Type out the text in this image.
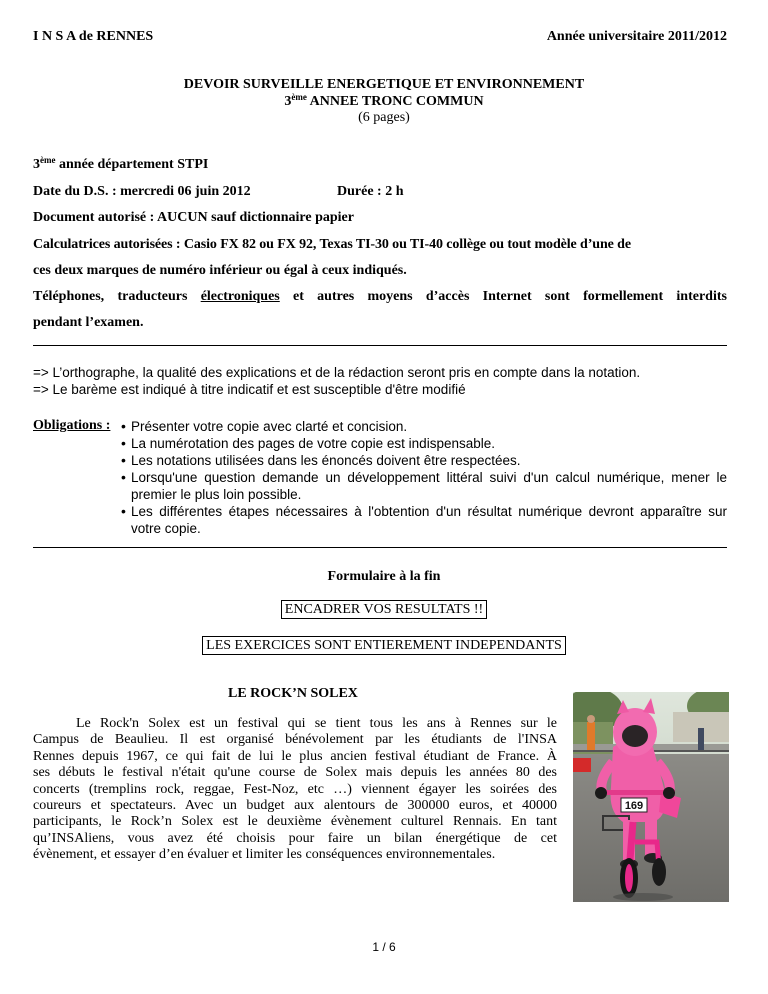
I N S A de RENNES	Année universitaire 2011/2012
DEVOIR SURVEILLE ENERGETIQUE ET ENVIRONNEMENT
3ème ANNEE TRONC COMMUN
(6 pages)
3ème année département STPI
Date du D.S. : mercredi 06 juin 2012	Durée : 2 h
Document autorisé : AUCUN sauf dictionnaire papier
Calculatrices autorisées : Casio FX 82 ou FX 92, Texas TI-30 ou TI-40 collège ou tout modèle d’une de
ces deux marques de numéro inférieur ou égal à ceux indiqués.
Téléphones, traducteurs électroniques et autres moyens d’accès Internet sont formellement interdits
pendant l’examen.
=> L’orthographe, la qualité des explications et de la rédaction seront pris en compte dans la notation.
=> Le barème est indiqué à titre indicatif et est susceptible d'être modifié
Obligations : • Présenter votre copie avec clarté et concision.
• La numérotation des pages de votre copie est indispensable.
• Les notations utilisées dans les énoncés doivent être respectées.
• Lorsqu'une question demande un développement littéral suivi d'un calcul numérique, mener le premier le plus loin possible.
• Les différentes étapes nécessaires à l'obtention d'un résultat numérique devront apparaître sur votre copie.
Formulaire à la fin
ENCADRER VOS RESULTATS !!
LES EXERCICES SONT ENTIEREMENT INDEPENDANTS
LE ROCK’N SOLEX
Le Rock'n Solex est un festival qui se tient tous les ans à Rennes sur le
Campus de Beaulieu. Il est organisé bénévolement par les étudiants de l'INSA
Rennes depuis 1967, ce qui fait de lui le plus ancien festival étudiant de France. À
ses débuts le festival n'était qu'une course de Solex mais depuis les années 80 des
concerts (tremplins rock, reggae, Fest-Noz, etc …) viennent égayer les soirées des
coureurs et spectateurs. Avec un budget aux alentours de 300000 euros, et 40000
participants, le Rock’n Solex est le deuxième évènement culturel Rennais. En tant
qu’INSAliens, vous avez été choisis pour faire un bilan énergétique de cet
évènement, et essayer d’en évaluer et limiter les conséquences environnementales.
169
1 / 6
